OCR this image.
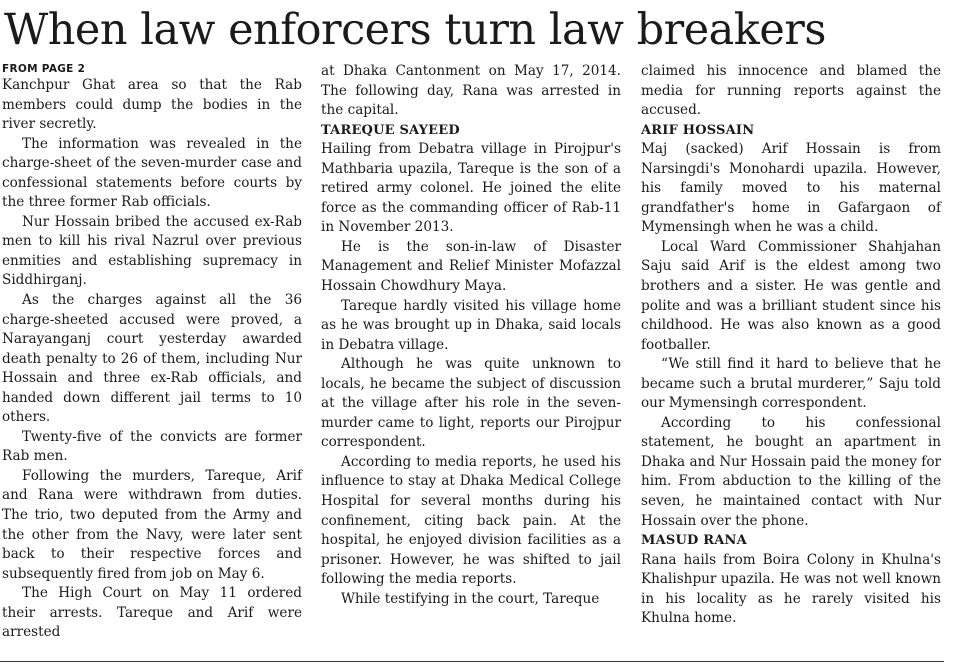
When law enforcers turn law breakers
FROM PAGE 2

Kanchpur Ghat area so that the Rab members could dump the bodies in the river secretly.

The information was revealed in the charge-sheet of the seven-murder case and confessional statements before courts by the three former Rab officials.

Nur Hossain bribed the accused ex-Rab men to kill his rival Nazrul over previous enmities and establishing supremacy in Siddhirganj.

As the charges against all the 36 charge-sheeted accused were proved, a Narayanganj court yesterday awarded death penalty to 26 of them, including Nur Hossain and three ex-Rab officials, and handed down different jail terms to 10 others.

Twenty-five of the convicts are former Rab men.

Following the murders, Tareque, Arif and Rana were withdrawn from duties. The trio, two deputed from the Army and the other from the Navy, were later sent back to their respective forces and subsequently fired from job on May 6.

The High Court on May 11 ordered their arrests. Tareque and Arif were arrested

at Dhaka Cantonment on May 17, 2014. The following day, Rana was arrested in the capital.

TAREQUE SAYEED

Hailing from Debatra village in Pirojpur's Mathbaria upazila, Tareque is the son of a retired army colonel. He joined the elite force as the commanding officer of Rab-11 in November 2013.

He is the son-in-law of Disaster Management and Relief Minister Mofazzal Hossain Chowdhury Maya.

Tareque hardly visited his village home as he was brought up in Dhaka, said locals in Debatra village.

Although he was quite unknown to locals, he became the subject of discussion at the village after his role in the seven-murder came to light, reports our Pirojpur correspondent.

According to media reports, he used his influence to stay at Dhaka Medical College Hospital for several months during his confinement, citing back pain. At the hospital, he enjoyed division facilities as a prisoner. However, he was shifted to jail following the media reports.

While testifying in the court, Tareque

claimed his innocence and blamed the media for running reports against the accused.

ARIF HOSSAIN

Maj (sacked) Arif Hossain is from Narsingdi's Monohardi upazila. However, his family moved to his maternal grandfather's home in Gafargaon of Mymensingh when he was a child.

Local Ward Commissioner Shahjahan Saju said Arif is the eldest among two brothers and a sister. He was gentle and polite and was a brilliant student since his childhood. He was also known as a good footballer.

“We still find it hard to believe that he became such a brutal murderer,” Saju told our Mymensingh correspondent.

According to his confessional statement, he bought an apartment in Dhaka and Nur Hossain paid the money for him. From abduction to the killing of the seven, he maintained contact with Nur Hossain over the phone.

MASUD RANA

Rana hails from Boira Colony in Khulna's Khalishpur upazila. He was not well known in his locality as he rarely visited his Khulna home.
